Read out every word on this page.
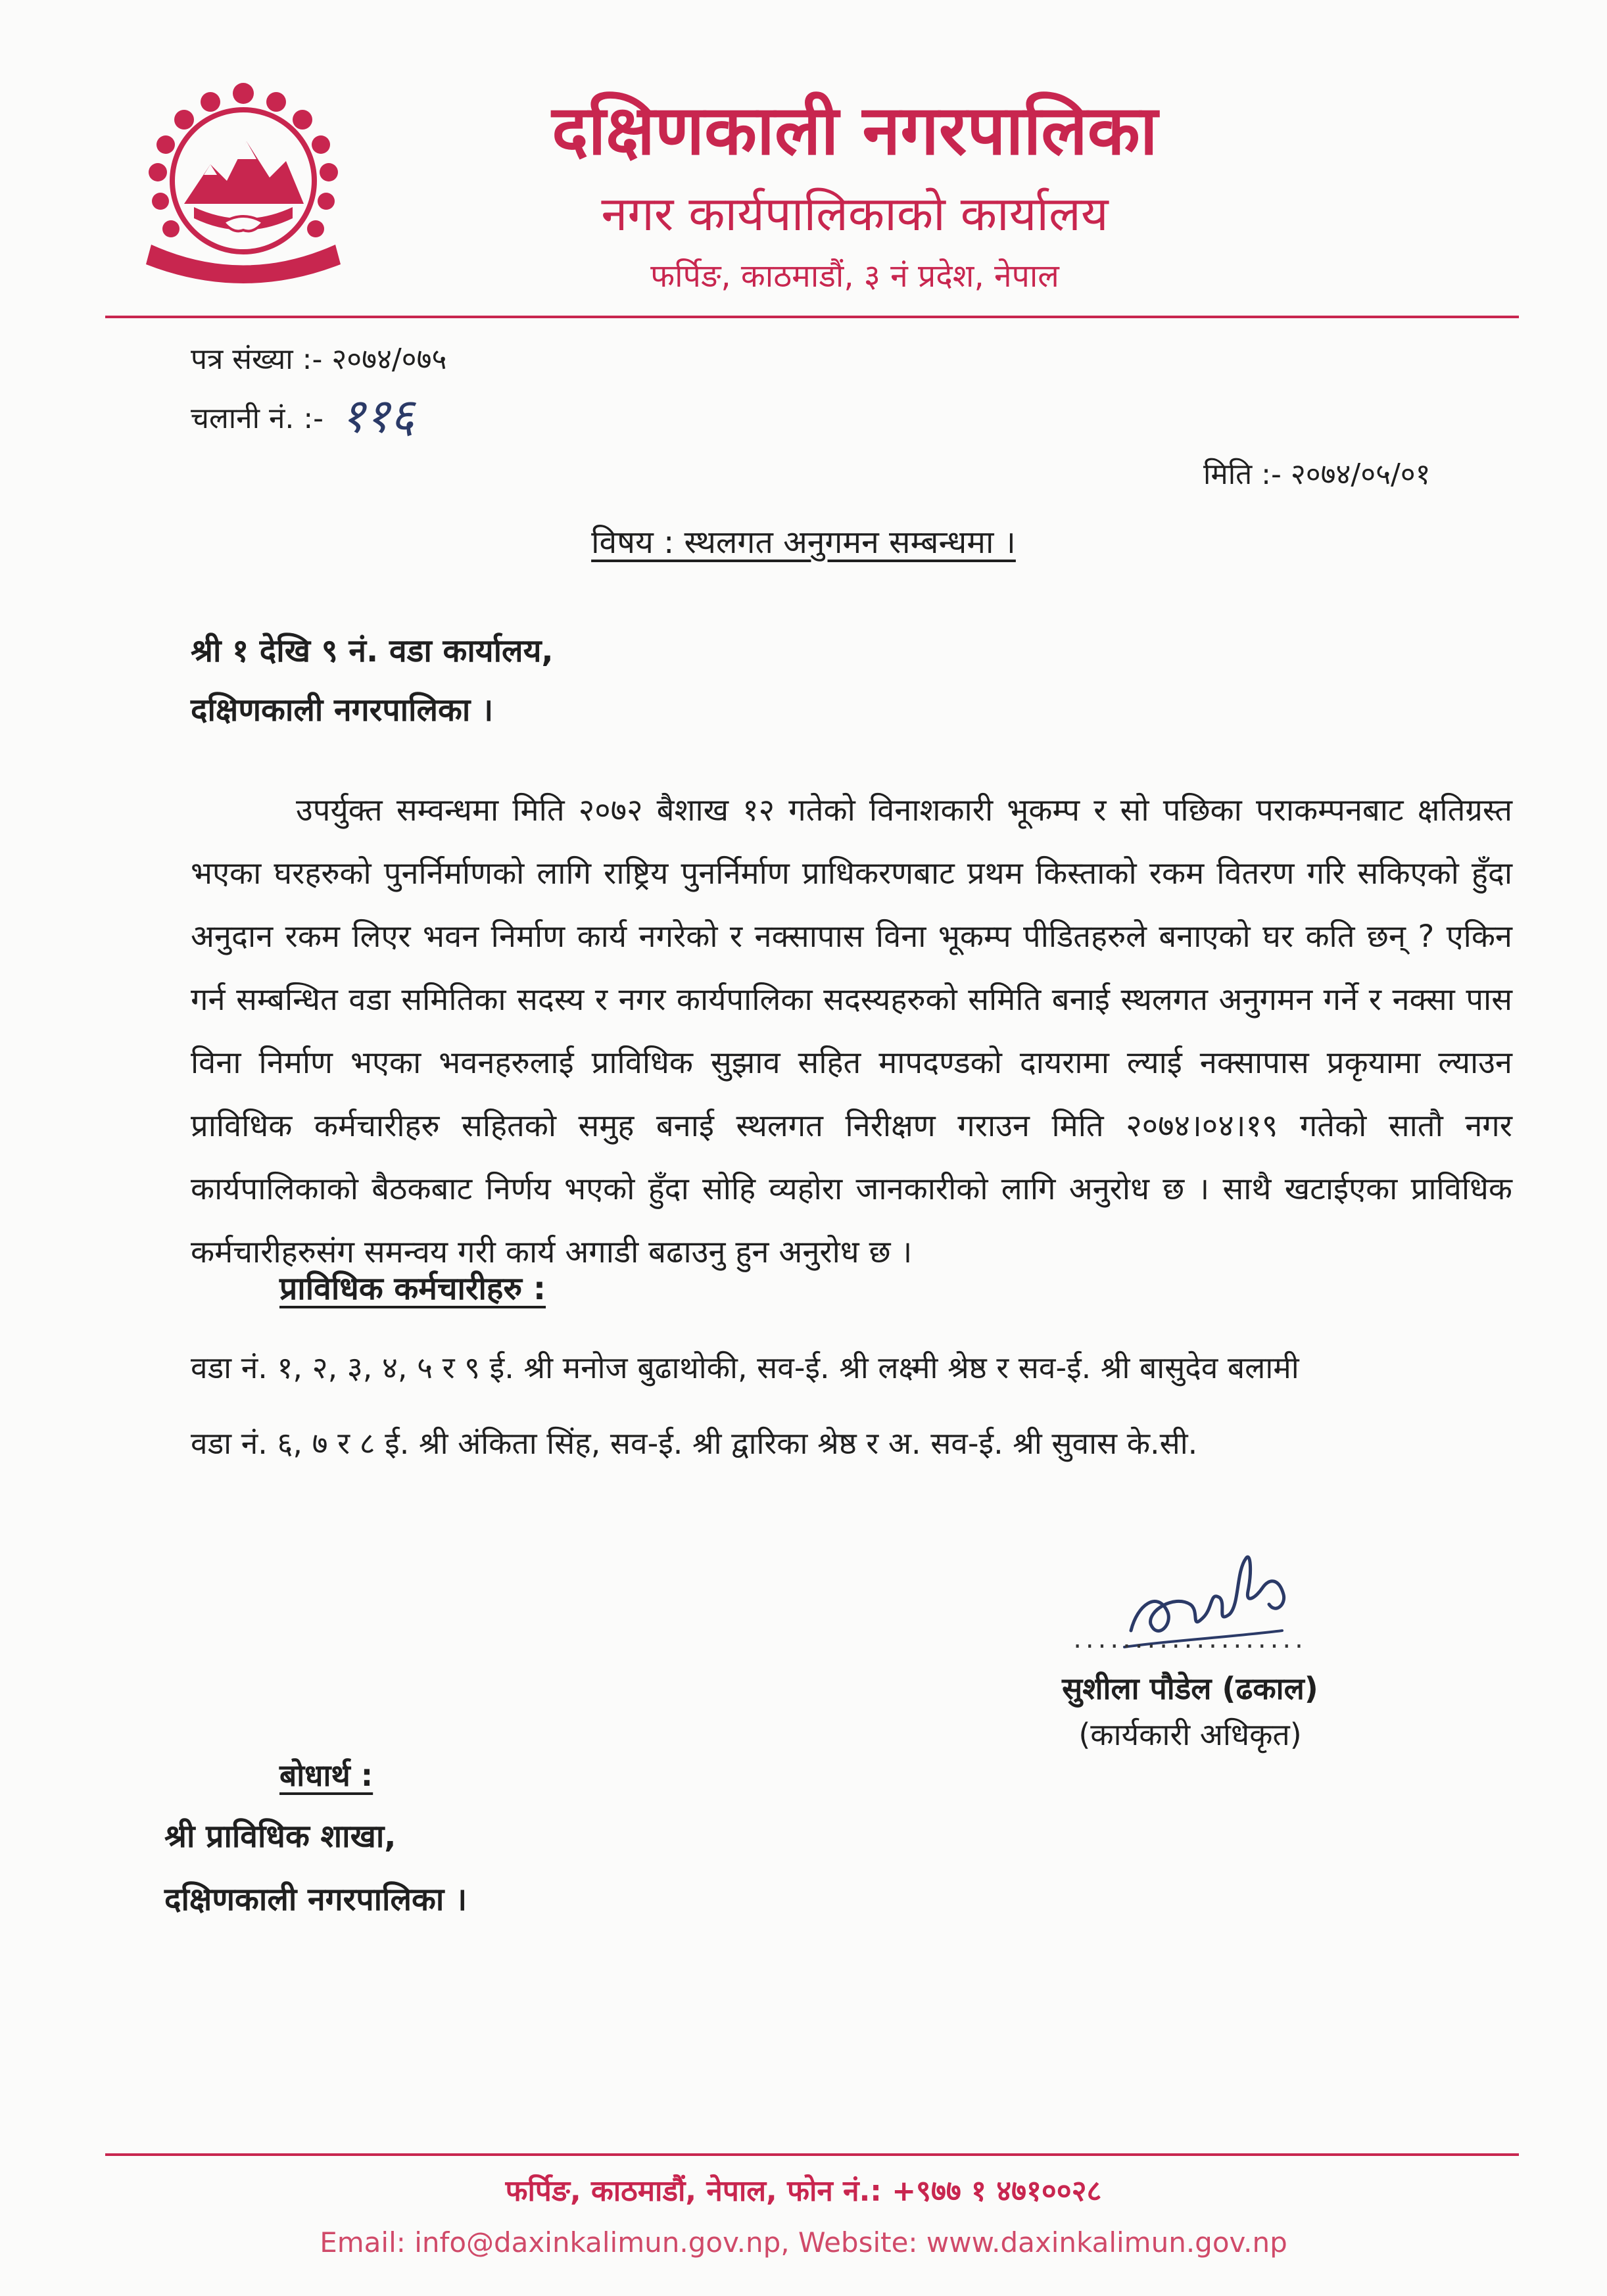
दक्षिणकाली नगरपालिका
नगर कार्यपालिकाको कार्यालय
फर्पिङ, काठमाडौं, ३ नं प्रदेश, नेपाल
पत्र संख्या :- २०७४/०७५
चलानी नं. :- ११६
मिति :- २०७४/०५/०१
विषय : स्थलगत अनुगमन सम्बन्धमा ।
श्री १ देखि ९ नं. वडा कार्यालय,
दक्षिणकाली नगरपालिका ।
उपर्युक्त सम्वन्धमा मिति २०७२ बैशाख १२ गतेको विनाशकारी भूकम्प र सो पछिका पराकम्पनबाट क्षतिग्रस्त भएका घरहरुको पुनर्निर्माणको लागि राष्ट्रिय पुनर्निर्माण प्राधिकरणबाट प्रथम किस्ताको रकम वितरण गरि सकिएको हुँदा अनुदान रकम लिएर भवन निर्माण कार्य नगरेको र नक्सापास विना भूकम्प पीडितहरुले बनाएको घर कति छन् ? एकिन गर्न सम्बन्धित वडा समितिका सदस्य र नगर कार्यपालिका सदस्यहरुको समिति बनाई स्थलगत अनुगमन गर्ने र नक्सा पास विना निर्माण भएका भवनहरुलाई प्राविधिक सुझाव सहित मापदण्डको दायरामा ल्याई नक्सापास प्रकृयामा ल्याउन प्राविधिक कर्मचारीहरु सहितको समुह बनाई स्थलगत निरीक्षण गराउन मिति २०७४।०४।१९ गतेको सातौ नगर कार्यपालिकाको बैठकबाट निर्णय भएको हुँदा सोहि व्यहोरा जानकारीको लागि अनुरोध छ । साथै खटाईएका प्राविधिक कर्मचारीहरुसंग समन्वय गरी कार्य अगाडी बढाउनु हुन अनुरोध छ ।
प्राविधिक कर्मचारीहरु :
वडा नं. १, २, ३, ४, ५ र ९ ई. श्री मनोज बुढाथोकी, सव-ई. श्री लक्ष्मी श्रेष्ठ र सव-ई. श्री बासुदेव बलामी
वडा नं. ६, ७ र ८ ई. श्री अंकिता सिंह, सव-ई. श्री द्वारिका श्रेष्ठ र अ. सव-ई. श्री सुवास के.सी.
...................
सुशीला पौडेल (ढकाल)
(कार्यकारी अधिकृत)
बोधार्थ :
श्री प्राविधिक शाखा,
दक्षिणकाली नगरपालिका ।
फर्पिङ, काठमाडौं, नेपाल, फोन नं.: +९७७ १ ४७१००२८
Email: info@daxinkalimun.gov.np, Website: www.daxinkalimun.gov.np
